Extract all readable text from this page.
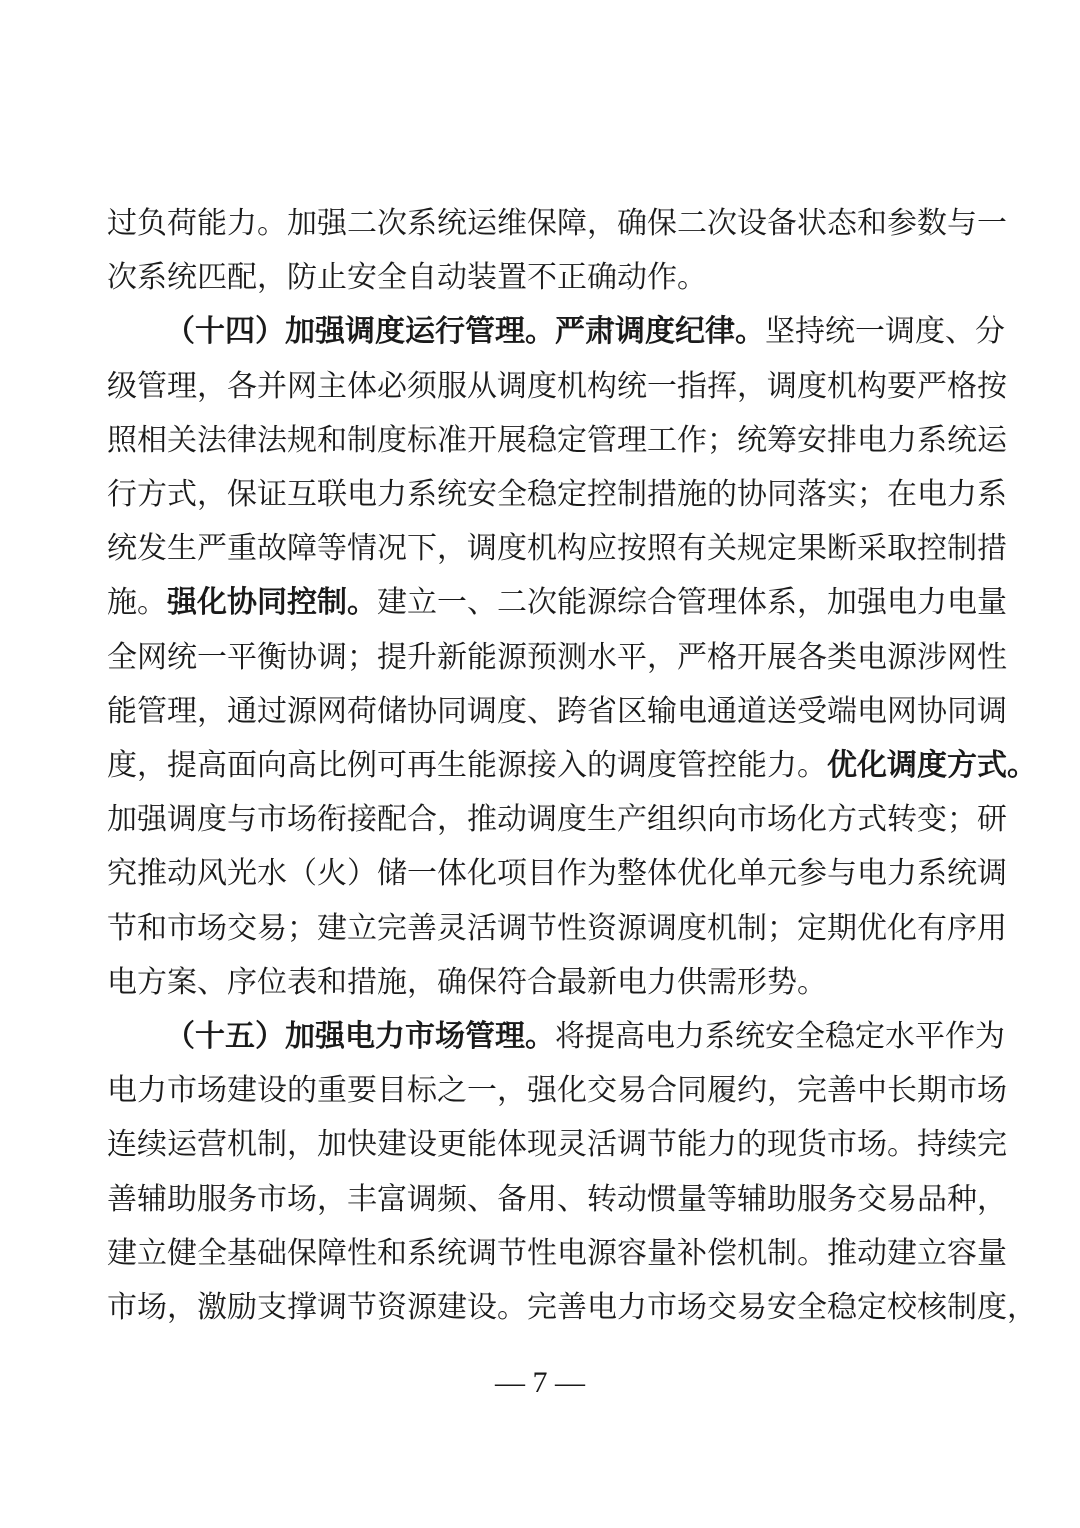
过负荷能力。加强二次系统运维保障，确保二次设备状态和参数与一
次系统匹配，防止安全自动装置不正确动作。
（十四）加强调度运行管理。严肃调度纪律。坚持统一调度、分
级管理，各并网主体必须服从调度机构统一指挥，调度机构要严格按
照相关法律法规和制度标准开展稳定管理工作；统筹安排电力系统运
行方式，保证互联电力系统安全稳定控制措施的协同落实；在电力系
统发生严重故障等情况下，调度机构应按照有关规定果断采取控制措
施。强化协同控制。建立一、二次能源综合管理体系，加强电力电量
全网统一平衡协调；提升新能源预测水平，严格开展各类电源涉网性
能管理，通过源网荷储协同调度、跨省区输电通道送受端电网协同调
度，提高面向高比例可再生能源接入的调度管控能力。优化调度方式。
加强调度与市场衔接配合，推动调度生产组织向市场化方式转变；研
究推动风光水（火）储一体化项目作为整体优化单元参与电力系统调
节和市场交易；建立完善灵活调节性资源调度机制；定期优化有序用
电方案、序位表和措施，确保符合最新电力供需形势。
（十五）加强电力市场管理。将提高电力系统安全稳定水平作为
电力市场建设的重要目标之一，强化交易合同履约，完善中长期市场
连续运营机制，加快建设更能体现灵活调节能力的现货市场。持续完
善辅助服务市场，丰富调频、备用、转动惯量等辅助服务交易品种，
建立健全基础保障性和系统调节性电源容量补偿机制。推动建立容量
市场，激励支撑调节资源建设。完善电力市场交易安全稳定校核制度，
— 7 —
